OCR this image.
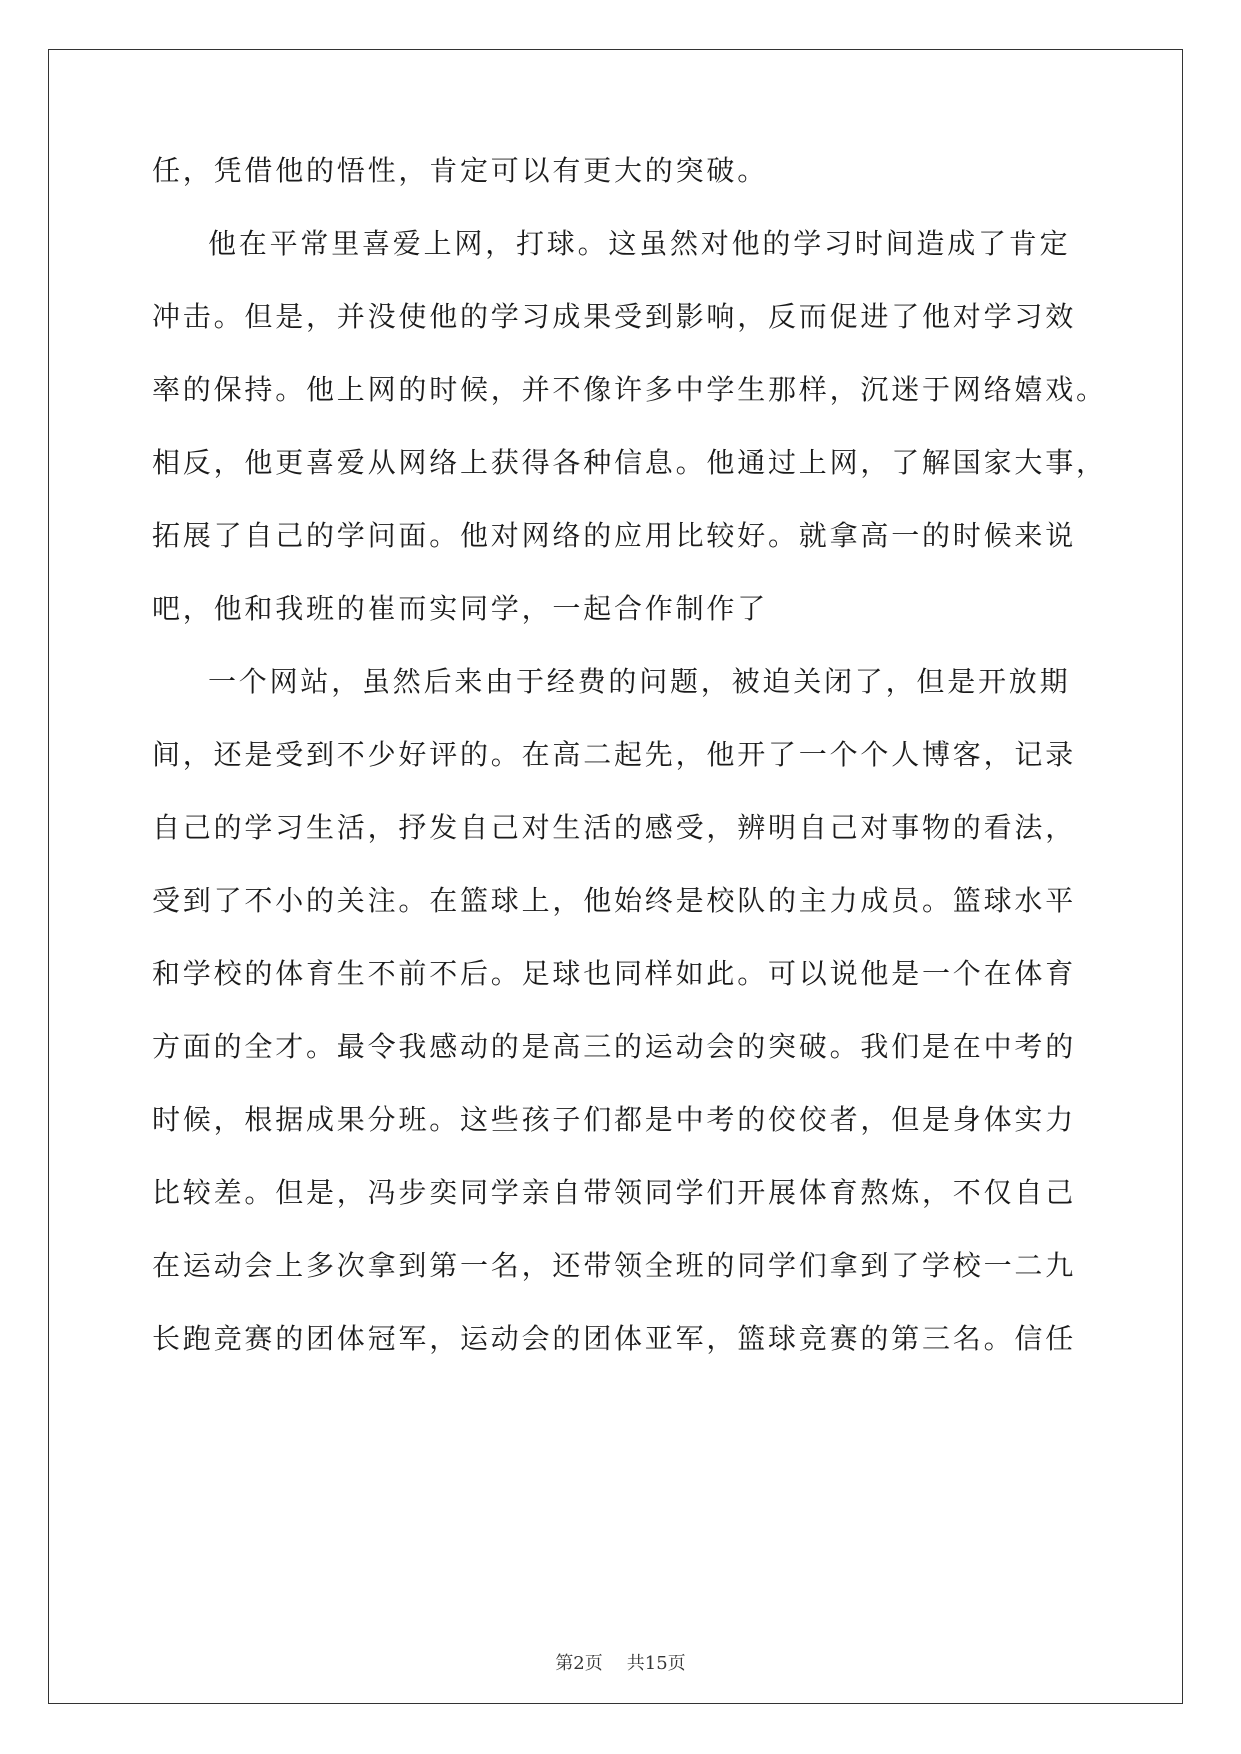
任，凭借他的悟性，肯定可以有更大的突破。
他在平常里喜爱上网，打球。这虽然对他的学习时间造成了肯定
冲击。但是，并没使他的学习成果受到影响，反而促进了他对学习效
率的保持。他上网的时候，并不像许多中学生那样，沉迷于网络嬉戏。
相反，他更喜爱从网络上获得各种信息。他通过上网，了解国家大事，
拓展了自己的学问面。他对网络的应用比较好。就拿高一的时候来说
吧，他和我班的崔而实同学，一起合作制作了
一个网站，虽然后来由于经费的问题，被迫关闭了，但是开放期
间，还是受到不少好评的。在高二起先，他开了一个个人博客，记录
自己的学习生活，抒发自己对生活的感受，辨明自己对事物的看法，
受到了不小的关注。在篮球上，他始终是校队的主力成员。篮球水平
和学校的体育生不前不后。足球也同样如此。可以说他是一个在体育
方面的全才。最令我感动的是高三的运动会的突破。我们是在中考的
时候，根据成果分班。这些孩子们都是中考的佼佼者，但是身体实力
比较差。但是，冯步奕同学亲自带领同学们开展体育熬炼，不仅自己
在运动会上多次拿到第一名，还带领全班的同学们拿到了学校一二九
长跑竞赛的团体冠军，运动会的团体亚军，篮球竞赛的第三名。信任
第2页 共15页
